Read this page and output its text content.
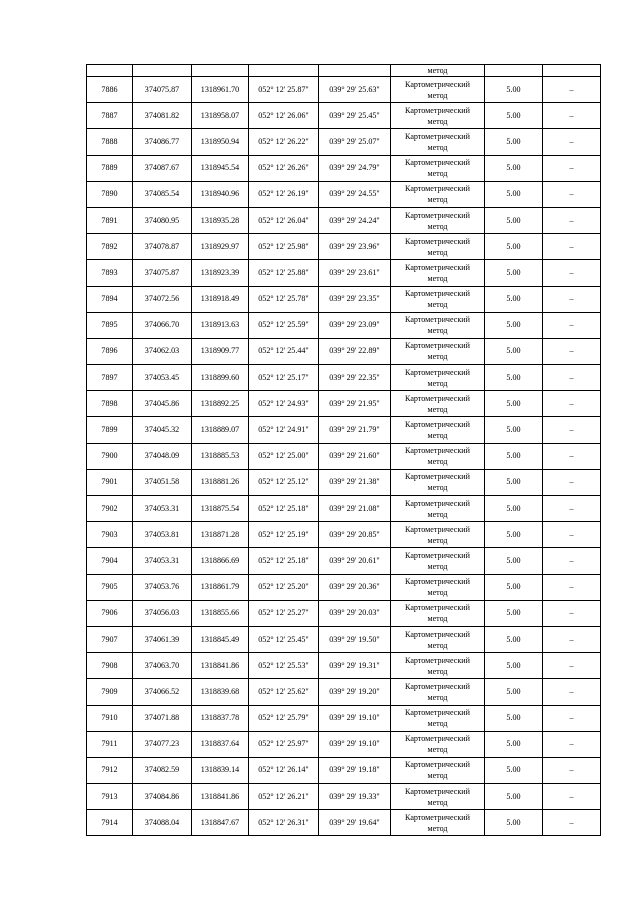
					метод		

7886	374075.87	1318961.70	052° 12' 25.87"	039° 29' 25.63"	Картометрический
метод	5.00	–
7887	374081.82	1318958.07	052° 12' 26.06"	039° 29' 25.45"	Картометрический
метод	5.00	–
7888	374086.77	1318950.94	052° 12' 26.22"	039° 29' 25.07"	Картометрический
метод	5.00	–
7889	374087.67	1318945.54	052° 12' 26.26"	039° 29' 24.79"	Картометрический
метод	5.00	–
7890	374085.54	1318940.96	052° 12' 26.19"	039° 29' 24.55"	Картометрический
метод	5.00	–
7891	374080.95	1318935.28	052° 12' 26.04"	039° 29' 24.24"	Картометрический
метод	5.00	–
7892	374078.87	1318929.97	052° 12' 25.98"	039° 29' 23.96"	Картометрический
метод	5.00	–
7893	374075.87	1318923.39	052° 12' 25.88"	039° 29' 23.61"	Картометрический
метод	5.00	–
7894	374072.56	1318918.49	052° 12' 25.78"	039° 29' 23.35"	Картометрический
метод	5.00	–
7895	374066.70	1318913.63	052° 12' 25.59"	039° 29' 23.09"	Картометрический
метод	5.00	–
7896	374062.03	1318909.77	052° 12' 25.44"	039° 29' 22.89"	Картометрический
метод	5.00	–
7897	374053.45	1318899.60	052° 12' 25.17"	039° 29' 22.35"	Картометрический
метод	5.00	–
7898	374045.86	1318892.25	052° 12' 24.93"	039° 29' 21.95"	Картометрический
метод	5.00	–
7899	374045.32	1318889.07	052° 12' 24.91"	039° 29' 21.79"	Картометрический
метод	5.00	–
7900	374048.09	1318885.53	052° 12' 25.00"	039° 29' 21.60"	Картометрический
метод	5.00	–
7901	374051.58	1318881.26	052° 12' 25.12"	039° 29' 21.38"	Картометрический
метод	5.00	–
7902	374053.31	1318875.54	052° 12' 25.18"	039° 29' 21.08"	Картометрический
метод	5.00	–
7903	374053.81	1318871.28	052° 12' 25.19"	039° 29' 20.85"	Картометрический
метод	5.00	–
7904	374053.31	1318866.69	052° 12' 25.18"	039° 29' 20.61"	Картометрический
метод	5.00	–
7905	374053.76	1318861.79	052° 12' 25.20"	039° 29' 20.36"	Картометрический
метод	5.00	–
7906	374056.03	1318855.66	052° 12' 25.27"	039° 29' 20.03"	Картометрический
метод	5.00	–
7907	374061.39	1318845.49	052° 12' 25.45"	039° 29' 19.50"	Картометрический
метод	5.00	–
7908	374063.70	1318841.86	052° 12' 25.53"	039° 29' 19.31"	Картометрический
метод	5.00	–
7909	374066.52	1318839.68	052° 12' 25.62"	039° 29' 19.20"	Картометрический
метод	5.00	–
7910	374071.88	1318837.78	052° 12' 25.79"	039° 29' 19.10"	Картометрический
метод	5.00	–
7911	374077.23	1318837.64	052° 12' 25.97"	039° 29' 19.10"	Картометрический
метод	5.00	–
7912	374082.59	1318839.14	052° 12' 26.14"	039° 29' 19.18"	Картометрический
метод	5.00	–
7913	374084.86	1318841.86	052° 12' 26.21"	039° 29' 19.33"	Картометрический
метод	5.00	–
7914	374088.04	1318847.67	052° 12' 26.31"	039° 29' 19.64"	Картометрический
метод	5.00	–
